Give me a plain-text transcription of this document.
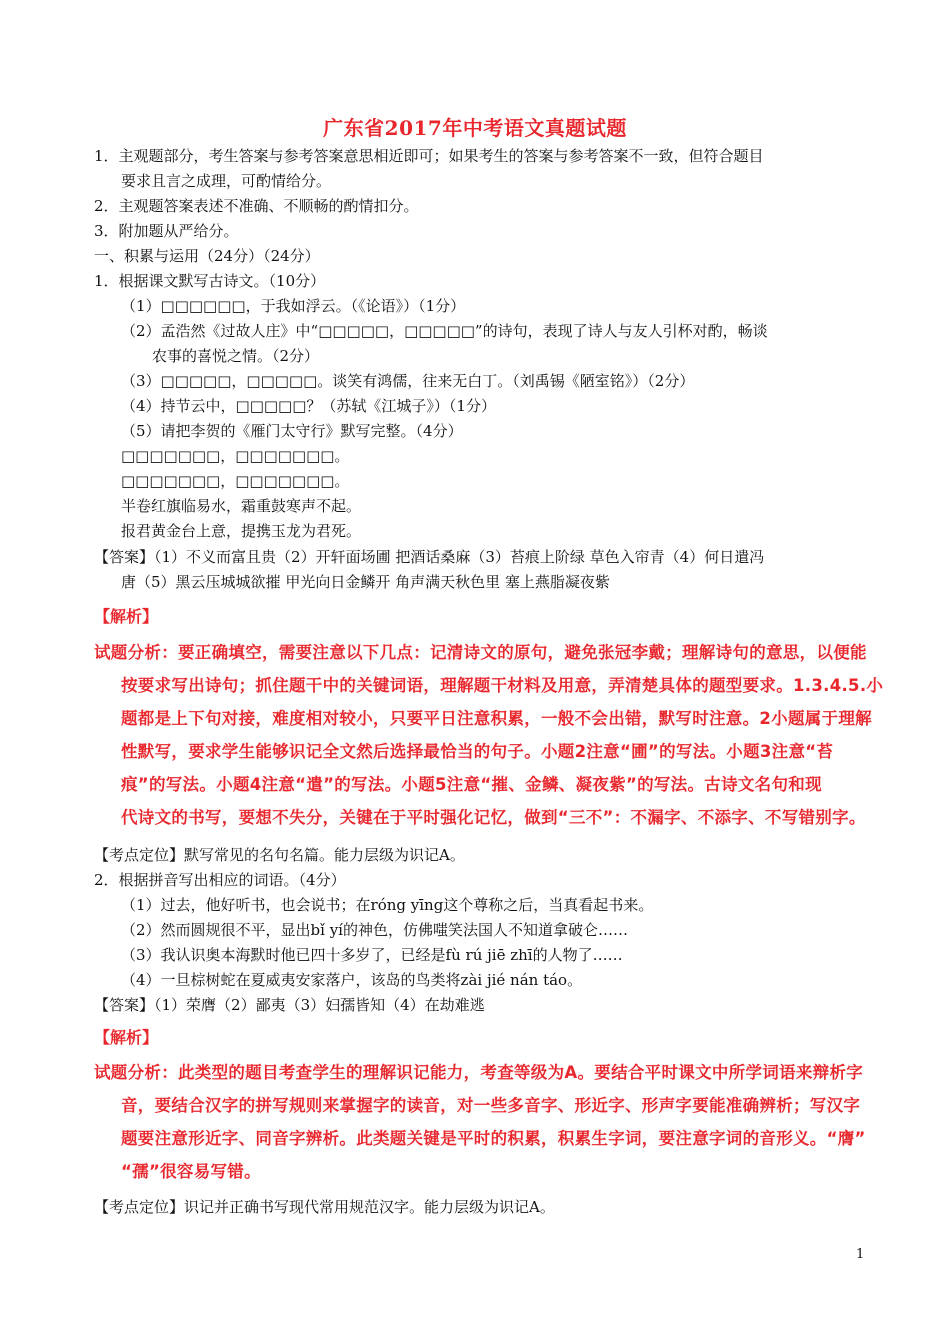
广东省2017年中考语文真题试题
1．主观题部分，考生答案与参考答案意思相近即可；如果考生的答案与参考答案不一致，但符合题目
要求且言之成理，可酌情给分。
2．主观题答案表述不准确、不顺畅的酌情扣分。
3．附加题从严给分。
一、积累与运用（24分）（24分）
1．根据课文默写古诗文。（10分）
（1）□□□□□□，于我如浮云。（《论语》）（1分）
（2）孟浩然《过故人庄》中“□□□□□，□□□□□”的诗句，表现了诗人与友人引杯对酌，畅谈
农事的喜悦之情。（2分）
（3）□□□□□，□□□□□。谈笑有鸿儒，往来无白丁。（刘禹锡《陋室铭》）（2分）
（4）持节云中，□□□□□？（苏轼《江城子》）（1分）
（5）请把李贺的《雁门太守行》默写完整。（4分）
□□□□□□□，□□□□□□□。
□□□□□□□，□□□□□□□。
半卷红旗临易水，霜重鼓寒声不起。
报君黄金台上意，提携玉龙为君死。
【答案】（1）不义而富且贵（2）开轩面场圃 把酒话桑麻（3）苔痕上阶绿 草色入帘青（4）何日遣冯
唐（5）黑云压城城欲摧 甲光向日金鳞开 角声满天秋色里 塞上燕脂凝夜紫
【解析】
试题分析：要正确填空，需要注意以下几点：记清诗文的原句，避免张冠李戴；理解诗句的意思，以便能
按要求写出诗句；抓住题干中的关键词语，理解题干材料及用意，弄清楚具体的题型要求。1.3.4.5.小
题都是上下句对接，难度相对较小，只要平日注意积累，一般不会出错，默写时注意。2小题属于理解
性默写，要求学生能够识记全文然后选择最恰当的句子。小题2注意“圃”的写法。小题3注意“苔
痕”的写法。小题4注意“遣”的写法。小题5注意“摧、金鳞、凝夜紫”的写法。古诗文名句和现
代诗文的书写，要想不失分，关键在于平时强化记忆，做到“三不”：不漏字、不添字、不写错别字。
【考点定位】默写常见的名句名篇。能力层级为识记A。
2．根据拼音写出相应的词语。（4分）
（1）过去，他好听书，也会说书；在róng yīng这个尊称之后，当真看起书来。
（2）然而圆规很不平，显出bǐ yí的神色，仿佛嗤笑法国人不知道拿破仑……
（3）我认识奥本海默时他已四十多岁了，已经是fù rú jiē zhī的人物了……
（4）一旦棕树蛇在夏威夷安家落户，该岛的鸟类将zài jié nán táo。
【答案】（1）荣膺（2）鄙夷（3）妇孺皆知（4）在劫难逃
【解析】
试题分析：此类型的题目考查学生的理解识记能力，考查等级为A。要结合平时课文中所学词语来辩析字
音，要结合汉字的拼写规则来掌握字的读音，对一些多音字、形近字、形声字要能准确辨析；写汉字
题要注意形近字、同音字辨析。此类题关键是平时的积累，积累生字词，要注意字词的音形义。“膺”
“孺”很容易写错。
【考点定位】识记并正确书写现代常用规范汉字。能力层级为识记A。
1
